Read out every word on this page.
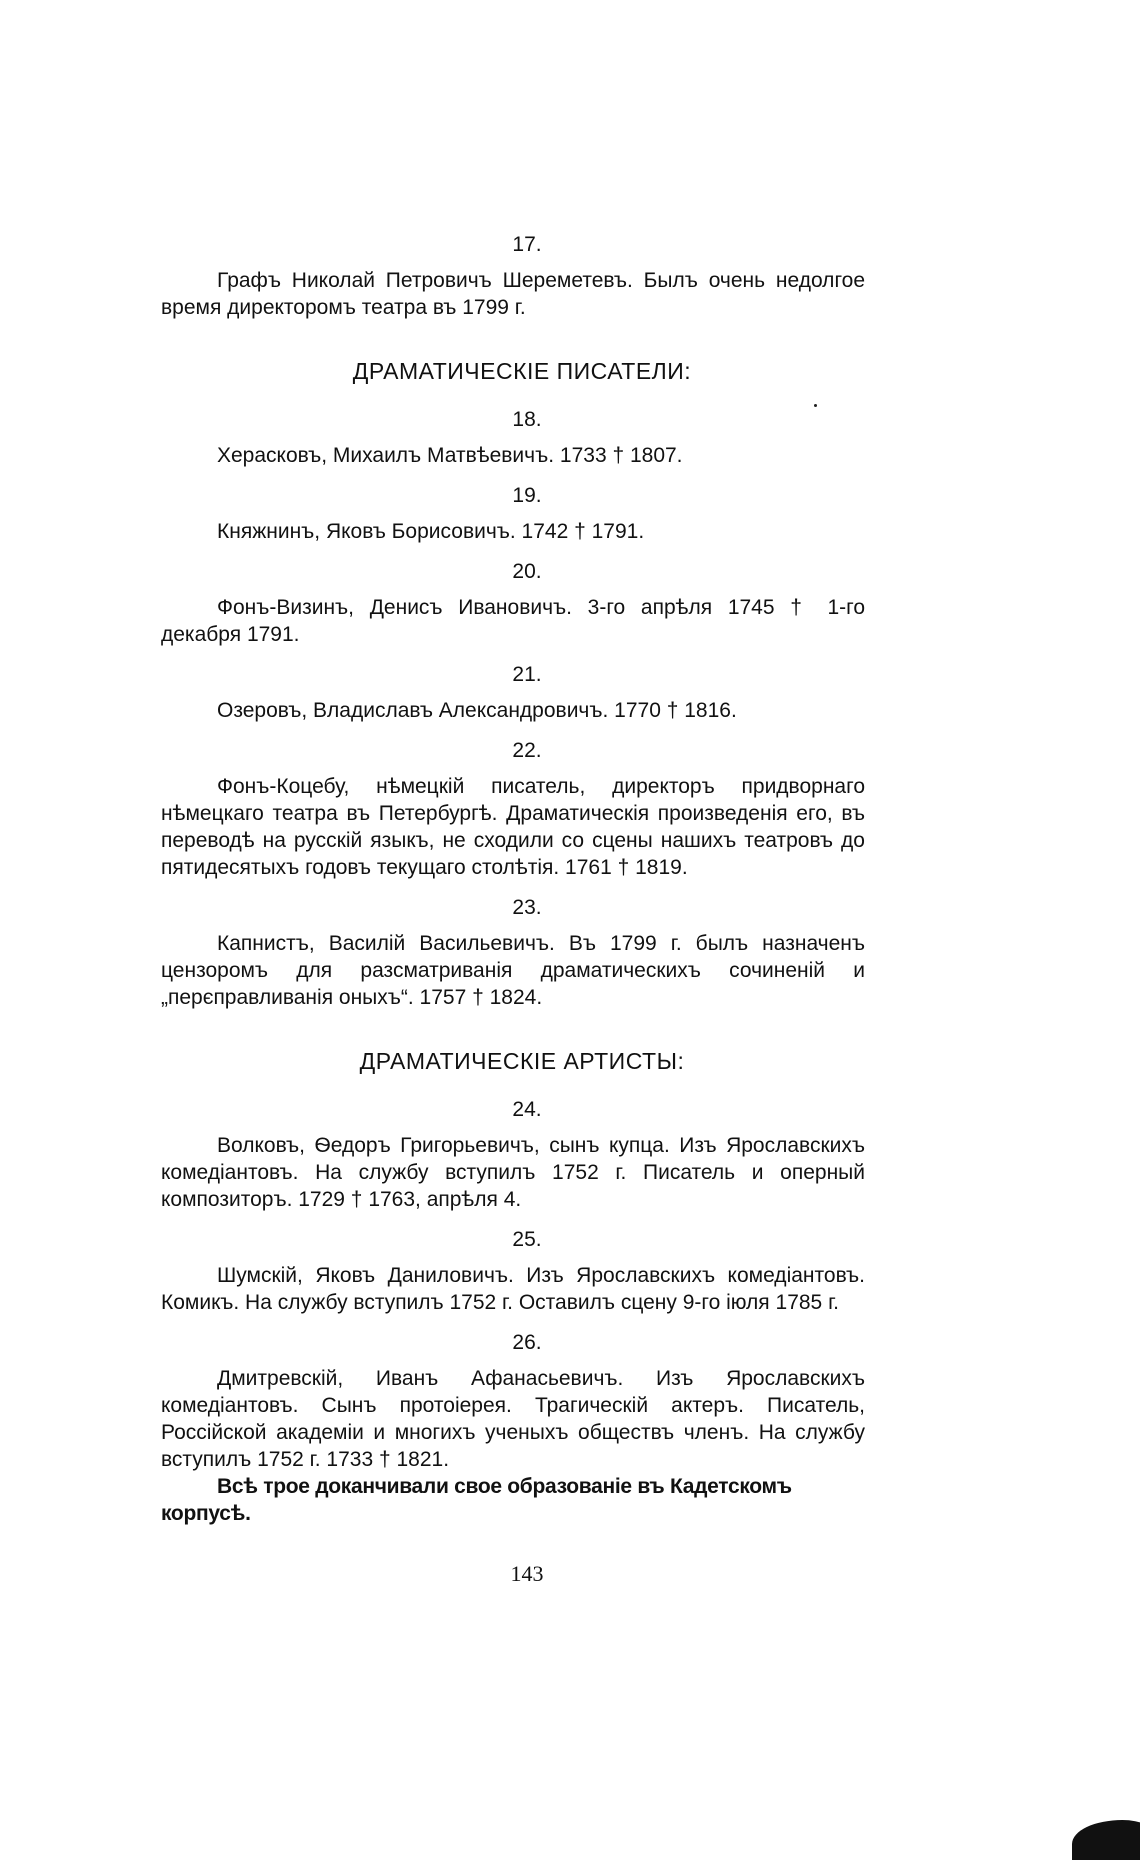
17.

Графъ Николай Петровичъ Шереметевъ. Былъ очень недолгое время директоромъ театра въ 1799 г.

ДРАМАТИЧЕСКІЕ ПИСАТЕЛИ:
18.

Херасковъ, Михаилъ Матвѣевичъ. 1733 † 1807.

19.

Княжнинъ, Яковъ Борисовичъ. 1742 † 1791.

20.

Фонъ-Визинъ, Денисъ Ивановичъ. 3-го апрѣля 1745 † 1-го декабря 1791.

21.

Озеровъ, Владиславъ Александровичъ. 1770 † 1816.

22.

Фонъ-Коцебу, нѣмецкій писатель, директоръ придворнаго нѣмецкаго театра въ Петербургѣ. Драматическія произведенія его, въ переводѣ на русскій языкъ, не сходили со сцены нашихъ театровъ до пятидесятыхъ годовъ текущаго столѣтія. 1761 † 1819.

23.

Капнистъ, Василій Васильевичъ. Въ 1799 г. былъ назначенъ цензоромъ для разсматриванія драматическихъ сочиненій и „перєправливанія оныхъ“. 1757 † 1824.

ДРАМАТИЧЕСКІЕ АРТИСТЫ:
24.

Волковъ, Ѳедоръ Григорьевичъ, сынъ купца. Изъ Ярославскихъ комедіантовъ. На службу вступилъ 1752 г. Писатель и оперный композиторъ. 1729 † 1763, апрѣля 4.

25.

Шумскій, Яковъ Даниловичъ. Изъ Ярославскихъ комедіантовъ. Комикъ. На службу вступилъ 1752 г. Оставилъ сцену 9-го іюля 1785 г.

26.

Дмитревскій, Иванъ Афанасьевичъ. Изъ Ярославскихъ комедіантовъ. Сынъ протоіерея. Трагическій актеръ. Писатель, Россійской академіи и многихъ ученыхъ обществъ членъ. На службу вступилъ 1752 г. 1733 † 1821.

Всѣ трое доканчивали свое образованіе въ Кадетскомъ корпусѣ.

143
